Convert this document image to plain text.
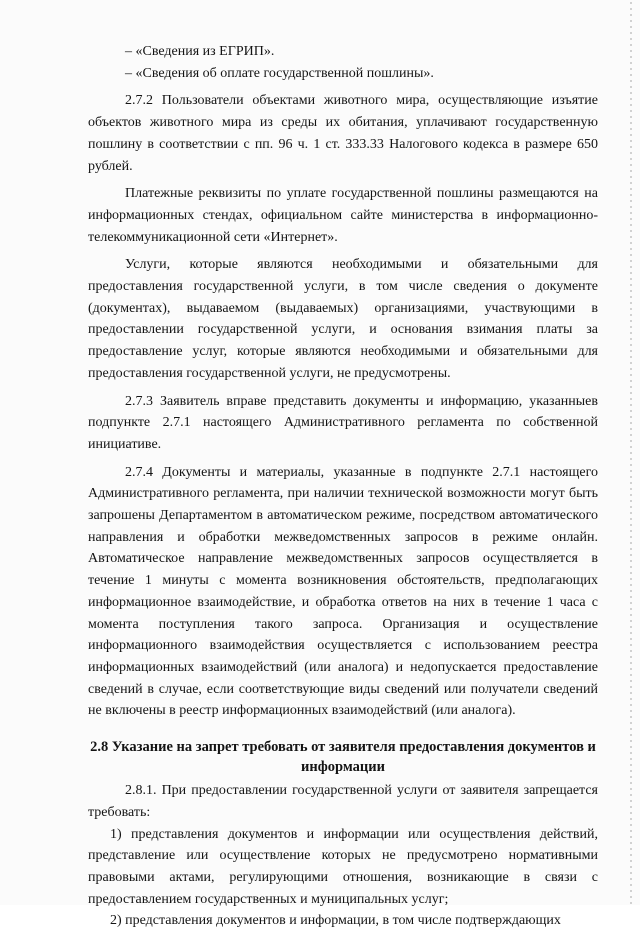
– «Сведения из ЕГРИП».

– «Сведения об оплате государственной пошлины».

2.7.2 Пользователи объектами животного мира, осуществляющие изъятие объектов животного мира из среды их обитания, уплачивают государственную пошлину в соответствии с пп. 96 ч. 1 ст. 333.33 Налогового кодекса в размере 650 рублей.

Платежные реквизиты по уплате государственной пошлины размещаются на информационных стендах, официальном сайте министерства в информационно-телекоммуникационной сети «Интернет».

Услуги, которые являются необходимыми и обязательными для предоставления государственной услуги, в том числе сведения о документе (документах), выдаваемом (выдаваемых) организациями, участвующими в предоставлении государственной услуги, и основания взимания платы за предоставление услуг, которые являются необходимыми и обязательными для предоставления государственной услуги, не предусмотрены.

2.7.3 Заявитель вправе представить документы и информацию, указанныев подпункте 2.7.1 настоящего Административного регламента по собственной инициативе.

2.7.4 Документы и материалы, указанные в подпункте 2.7.1 настоящего Административного регламента, при наличии технической возможности могут быть запрошены Департаментом в автоматическом режиме, посредством автоматического направления и обработки межведомственных запросов в режиме онлайн. Автоматическое направление межведомственных запросов осуществляется в течение 1 минуты с момента возникновения обстоятельств, предполагающих информационное взаимодействие, и обработка ответов на них в течение 1 часа с момента поступления такого запроса. Организация и осуществление информационного взаимодействия осуществляется с использованием реестра информационных взаимодействий (или аналога) и недопускается предоставление сведений в случае, если соответствующие виды сведений или получатели сведений не включены в реестр информационных взаимодействий (или аналога).

2.8 Указание на запрет требовать от заявителя предоставления документов и информации

2.8.1. При предоставлении государственной услуги от заявителя запрещается требовать:

1) представления документов и информации или осуществления действий, представление или осуществление которых не предусмотрено нормативными правовыми актами, регулирующими отношения, возникающие в связи с предоставлением государственных и муниципальных услуг;

2) представления документов и информации, в том числе подтверждающих
